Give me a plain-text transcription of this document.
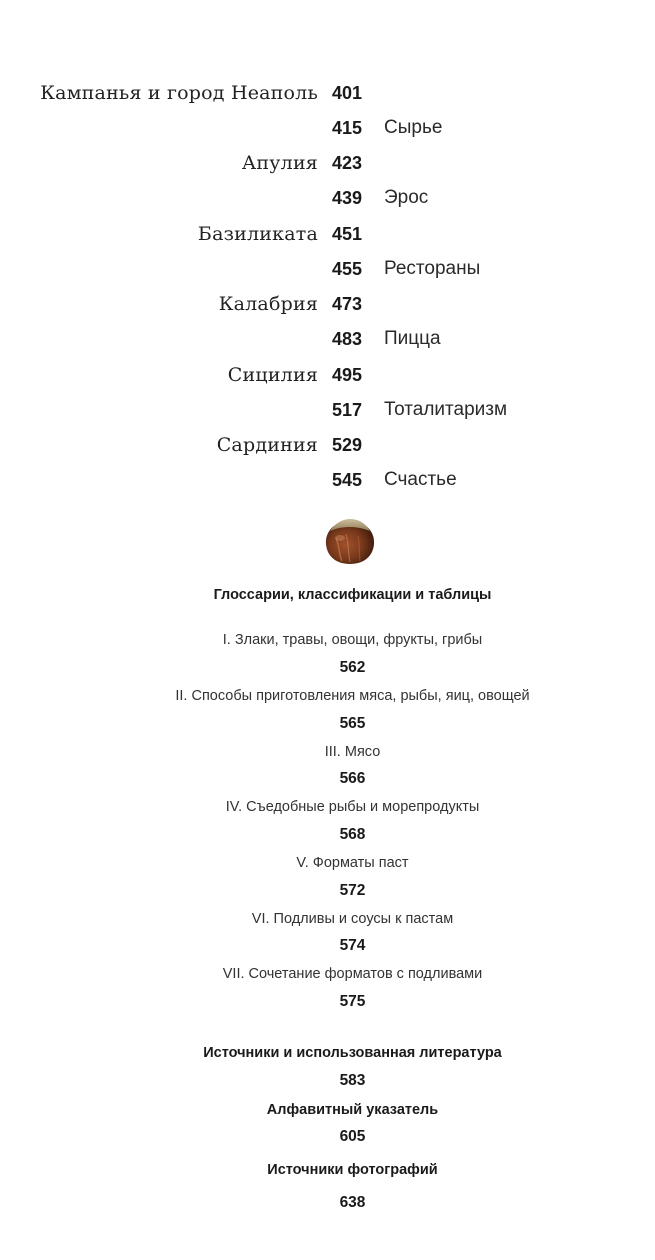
Кампанья и город Неаполь 401
415	Сырье
Апулия 423
439	Эрос
Базиликата 451
455	Рестораны
Калабрия 473
483	Пицца
Сицилия 495
517	Тоталитаризм
Сардиния 529
545	Счастье
Глоссарии, классификации и таблицы
I. Злаки, травы, овощи, фрукты, грибы
562
II. Способы приготовления мяса, рыбы, яиц, овощей
565
III. Мясо
566
IV. Съедобные рыбы и морепродукты
568
V. Форматы паст
572
VI. Подливы и соусы к пастам
574
VII. Сочетание форматов с подливами
575
Источники и использованная литература
583
Алфавитный указатель
605
Источники фотографий
638
